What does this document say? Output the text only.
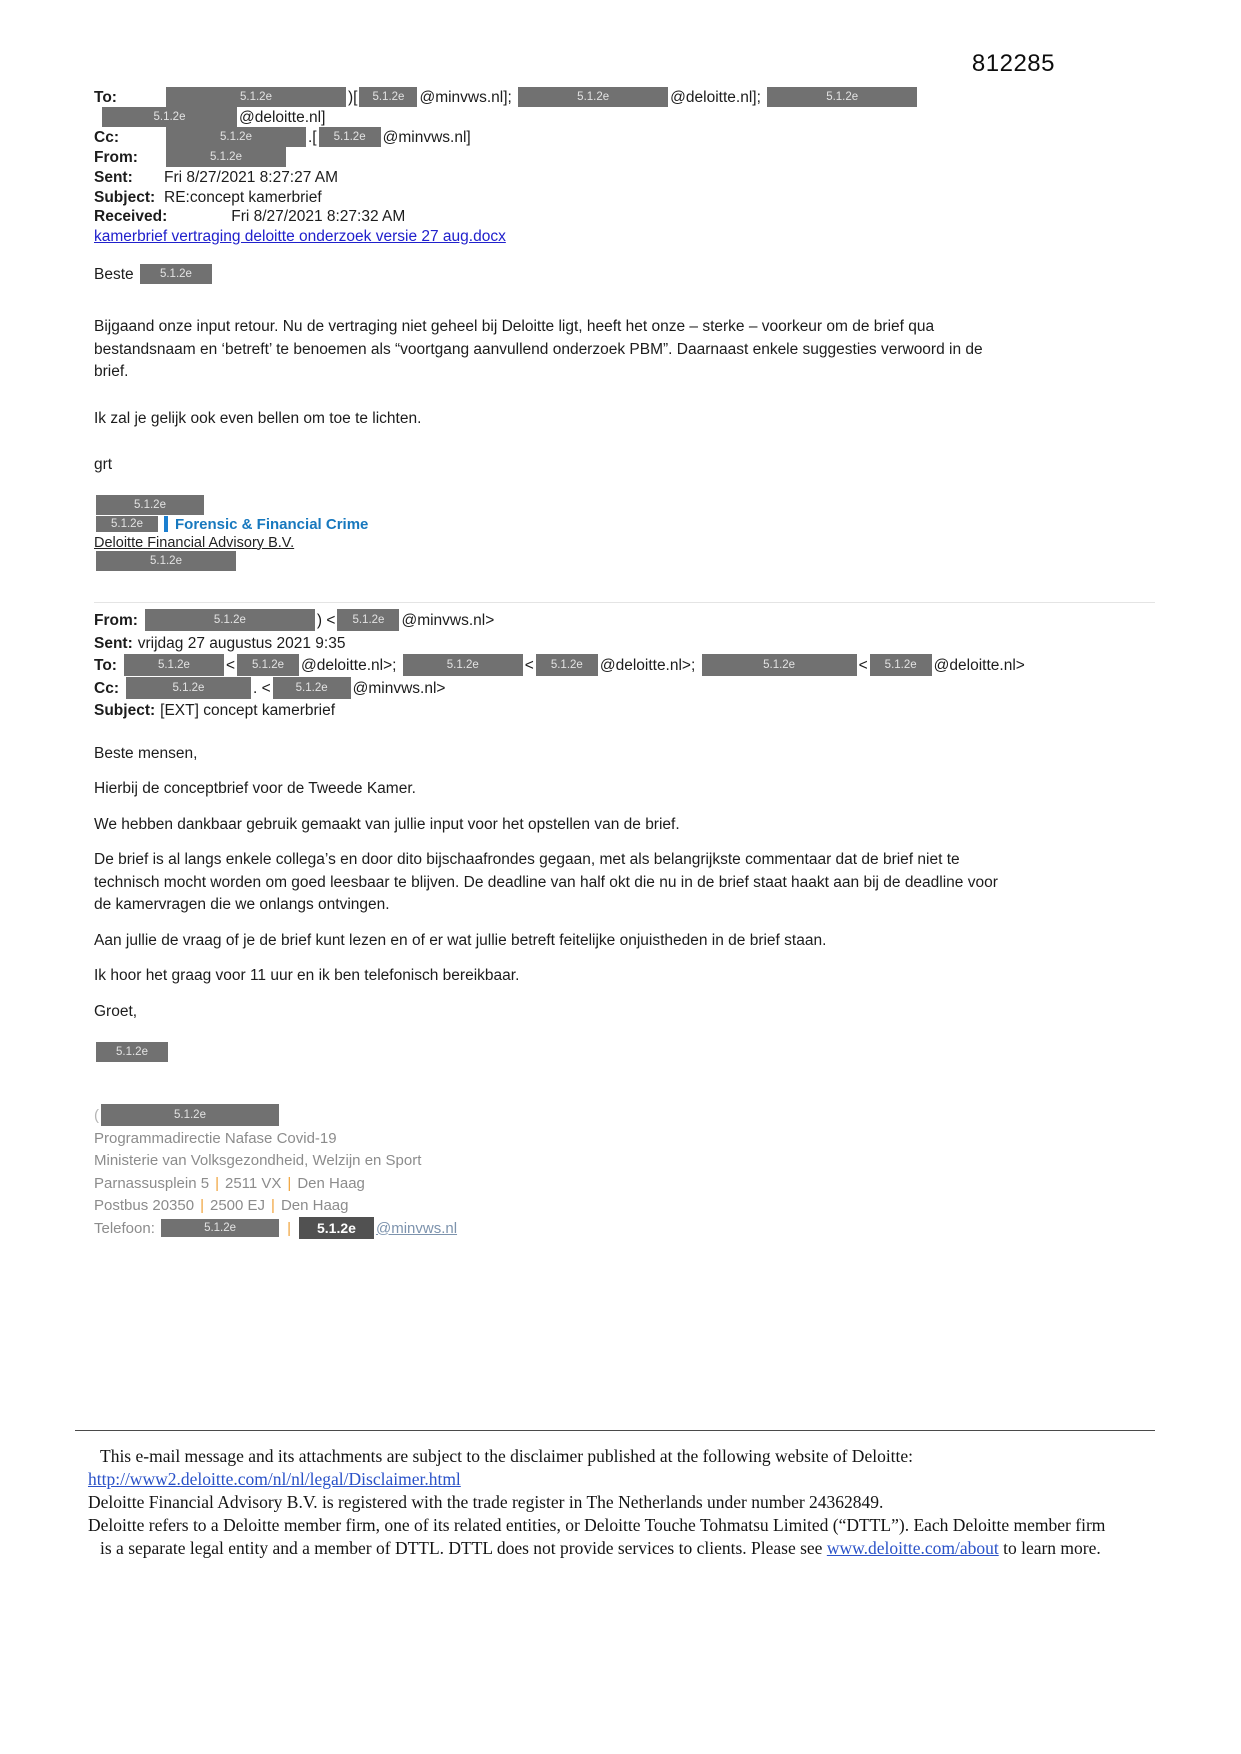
812285
To:	5.1.2e	)[ 5.1.2e @minvws.nl];	5.1.2e	@deloitte.nl];	5.1.2e
5.1.2e	@deloitte.nl]
Cc:	5.1.2e	.[ 5.1.2e @minvws.nl]
From:	5.1.2e
Sent: Fri 8/27/2021 8:27:27 AM
Subject: RE:concept kamerbrief
Received:	Fri 8/27/2021 8:27:32 AM
kamerbrief vertraging deloitte onderzoek versie 27 aug.docx
Beste 5.1.2e

Bijgaand onze input retour. Nu de vertraging niet geheel bij Deloitte ligt, heeft het onze – sterke – voorkeur om de brief qua bestandsnaam en ‘betreft’ te benoemen als “voortgang aanvullend onderzoek PBM”. Daarnaast enkele suggesties verwoord in de brief.

Ik zal je gelijk ook even bellen om toe te lichten.

grt

5.1.2e
5.1.2e Forensic & Financial Crime
Deloitte Financial Advisory B.V.
5.1.2e
From:	5.1.2e	) < 5.1.2e @minvws.nl>
Sent: vrijdag 27 augustus 2021 9:35
To:	5.1.2e < 5.1.2e @deloitte.nl>;	5.1.2e	< 5.1.2e @deloitte.nl>;	5.1.2e	< 5.1.2e @deloitte.nl>
Cc:	5.1.2e	. < 5.1.2e @minvws.nl>
Subject: [EXT] concept kamerbrief

Beste mensen,

Hierbij de conceptbrief voor de Tweede Kamer.

We hebben dankbaar gebruik gemaakt van jullie input voor het opstellen van de brief.

De brief is al langs enkele collega’s en door dito bijschaafrondes gegaan, met als belangrijkste commentaar dat de brief niet te technisch mocht worden om goed leesbaar te blijven. De deadline van half okt die nu in de brief staat haakt aan bij de deadline voor de kamervragen die we onlangs ontvingen.

Aan jullie de vraag of je de brief kunt lezen en of er wat jullie betreft feitelijke onjuistheden in de brief staan.

Ik hoor het graag voor 11 uur en ik ben telefonisch bereikbaar.

Groet,

5.1.2e
(	5.1.2e
Programmadirectie Nafase Covid-19
Ministerie van Volksgezondheid, Welzijn en Sport
Parnassusplein 5 | 2511 VX | Den Haag
Postbus 20350 | 2500 EJ | Den Haag
Telefoon:	5.1.2e	| 5.1.2e @minvws.nl

This e-mail message and its attachments are subject to the disclaimer published at the following website of Deloitte:

http://www2.deloitte.com/nl/nl/legal/Disclaimer.html

Deloitte Financial Advisory B.V. is registered with the trade register in The Netherlands under number 24362849.

Deloitte refers to a Deloitte member firm, one of its related entities, or Deloitte Touche Tohmatsu Limited (“DTTL”). Each Deloitte member firm is a separate legal entity and a member of DTTL. DTTL does not provide services to clients. Please see www.deloitte.com/about to learn more.
